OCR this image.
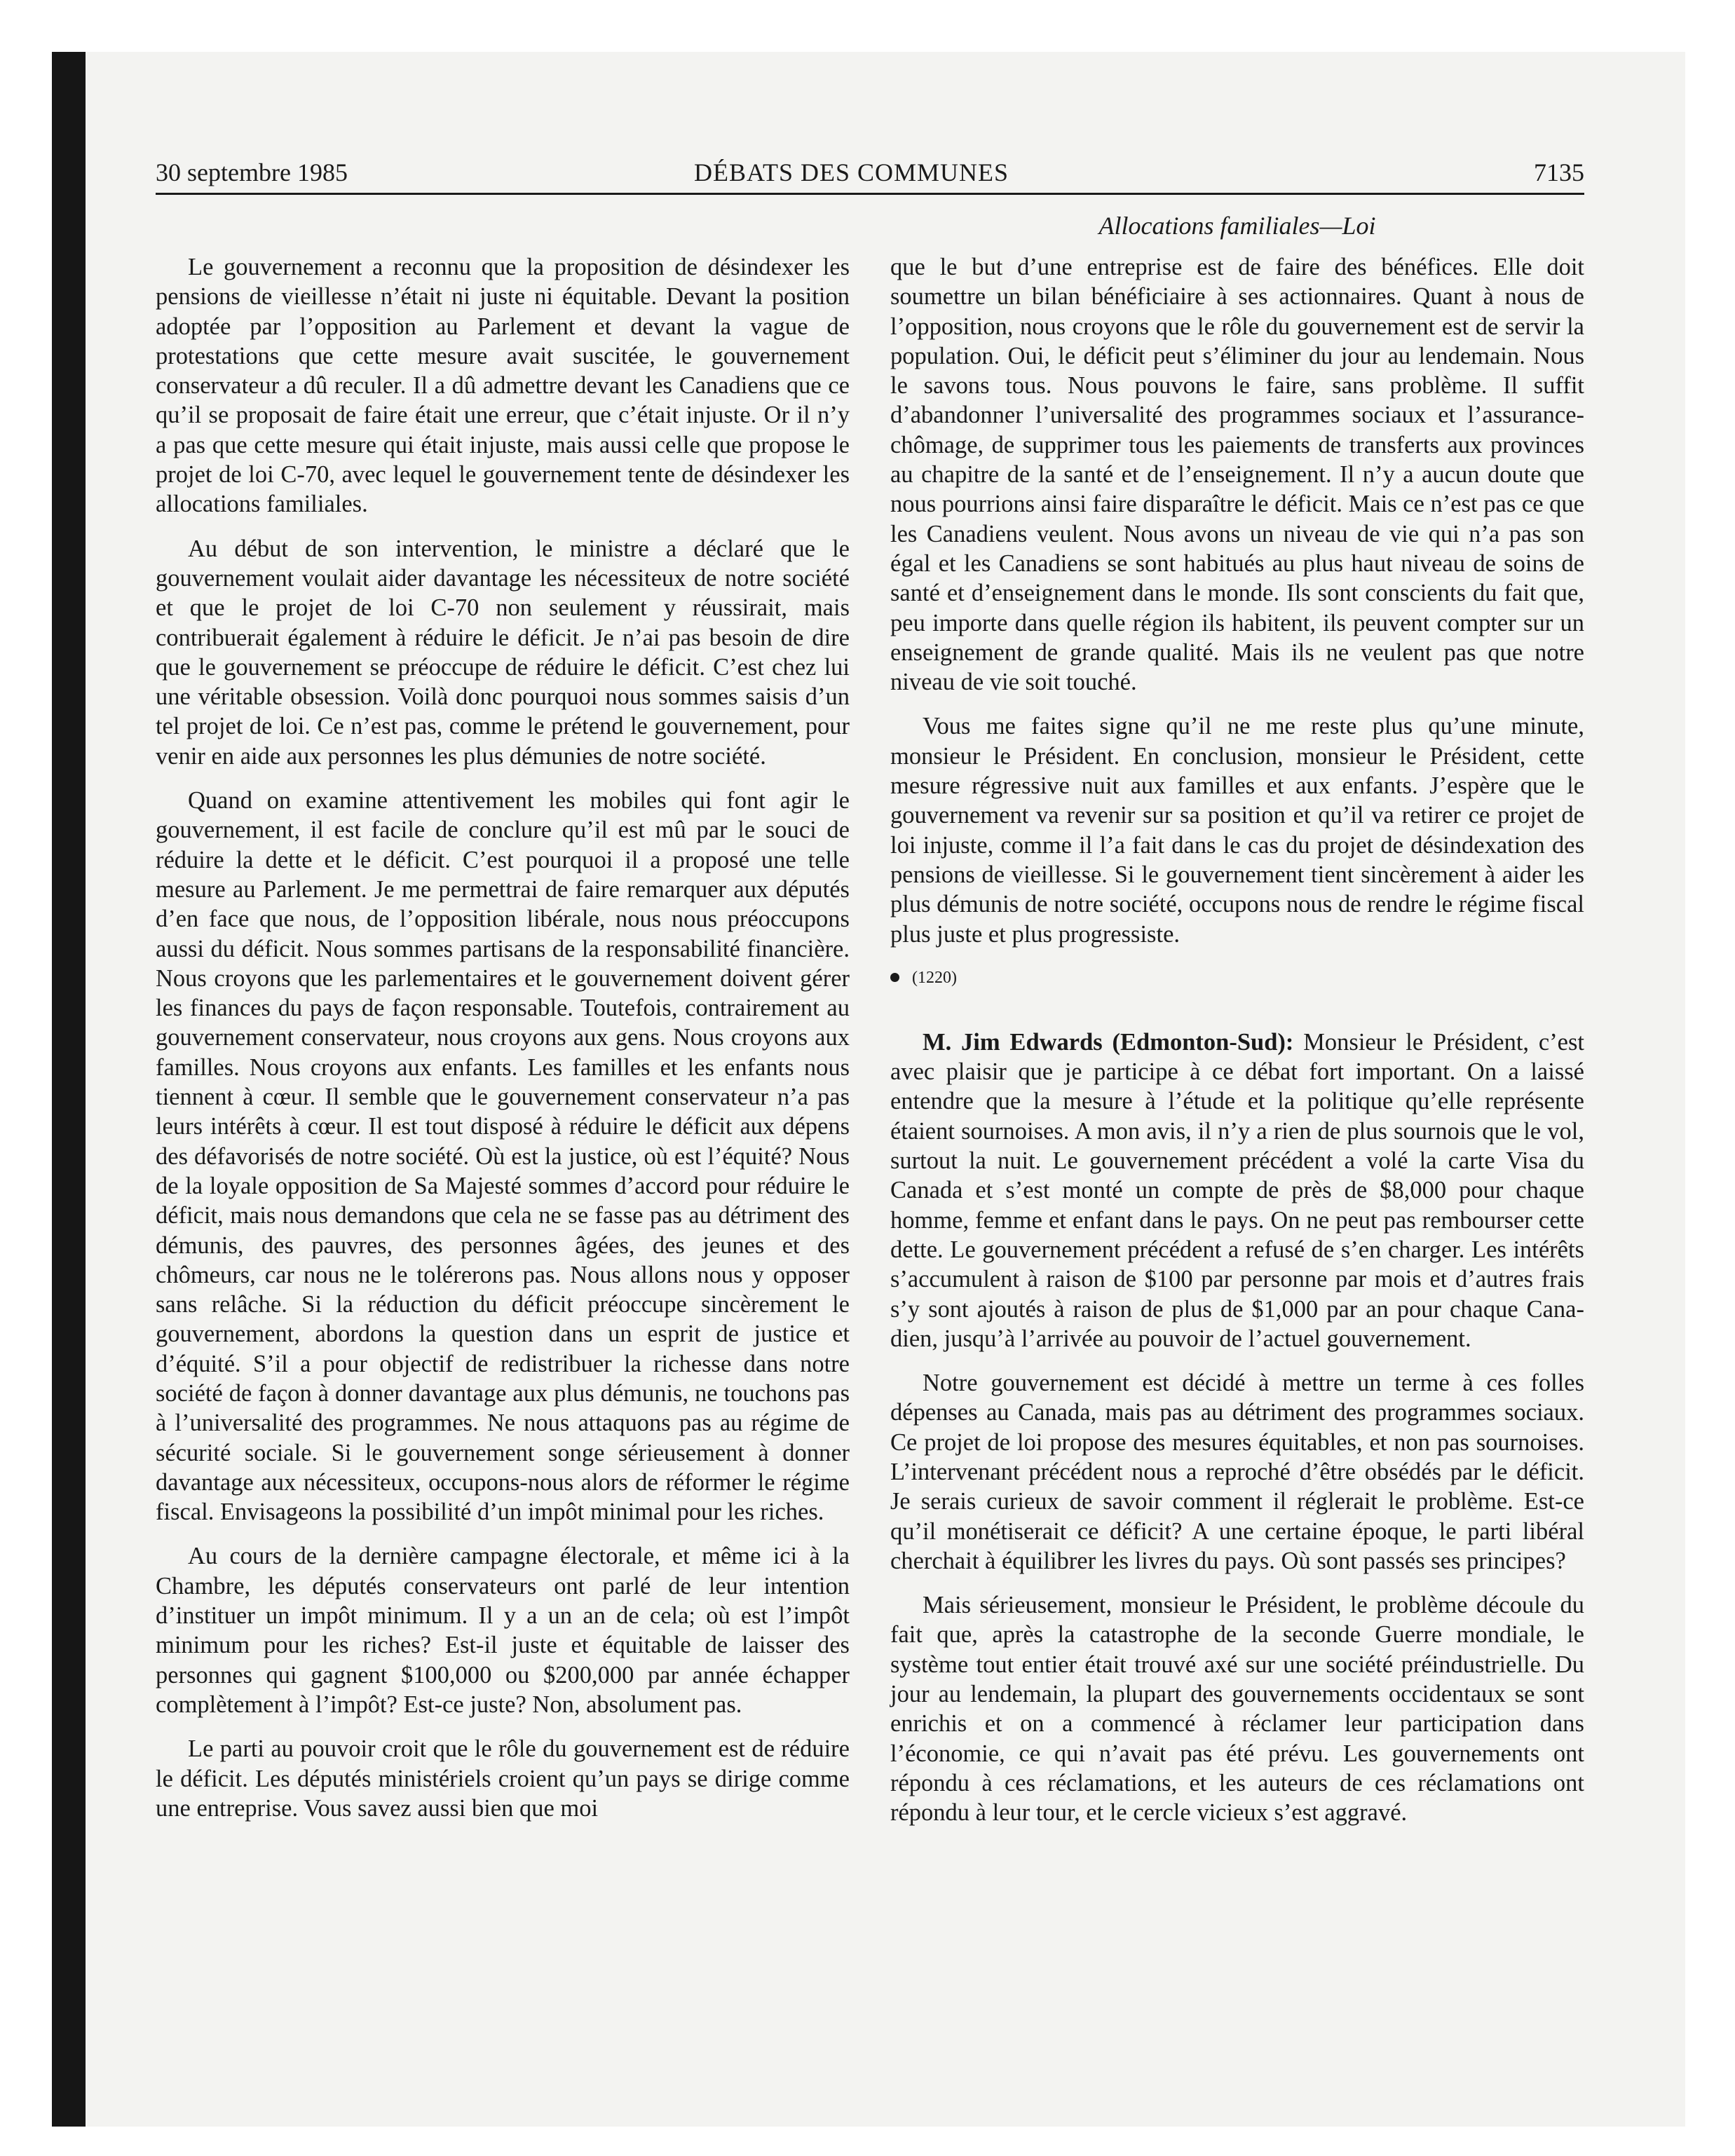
30 septembre 1985	DÉBATS DES COMMUNES	7135
Allocations familiales—Loi

Le gouvernement a reconnu que la proposition de désindexer les pensions de vieillesse n’était ni juste ni équitable. Devant la position adoptée par l’opposition au Parlement et devant la vague de protestations que cette mesure avait suscitée, le gouvernement conservateur a dû reculer. Il a dû admettre devant les Canadiens que ce qu’il se proposait de faire était une erreur, que c’était injuste. Or il n’y a pas que cette mesure qui était injuste, mais aussi celle que propose le projet de loi C-70, avec lequel le gouvernement tente de désindexer les allocations familiales.

Au début de son intervention, le ministre a déclaré que le gouvernement voulait aider davantage les nécessiteux de notre société et que le projet de loi C-70 non seulement y réussirait, mais contribuerait également à réduire le déficit. Je n’ai pas besoin de dire que le gouvernement se préoccupe de réduire le déficit. C’est chez lui une véritable obsession. Voilà donc pourquoi nous sommes saisis d’un tel projet de loi. Ce n’est pas, comme le prétend le gouvernement, pour venir en aide aux personnes les plus démunies de notre société.

Quand on examine attentivement les mobiles qui font agir le gouvernement, il est facile de conclure qu’il est mû par le souci de réduire la dette et le déficit. C’est pourquoi il a proposé une telle mesure au Parlement. Je me permettrai de faire remarquer aux députés d’en face que nous, de l’opposition libérale, nous nous préoccupons aussi du déficit. Nous sommes partisans de la responsabilité financière. Nous croyons que les parlementaires et le gouvernement doivent gérer les finances du pays de façon responsable. Toutefois, contrairement au gouvernement conservateur, nous croyons aux gens. Nous croyons aux familles. Nous croyons aux enfants. Les familles et les enfants nous tiennent à cœur. Il semble que le gouvernement conservateur n’a pas leurs intérêts à cœur. Il est tout disposé à réduire le déficit aux dépens des défavorisés de notre société. Où est la justice, où est l’équité? Nous de la loyale opposition de Sa Majesté sommes d’accord pour réduire le déficit, mais nous demandons que cela ne se fasse pas au détriment des démunis, des pauvres, des personnes âgées, des jeunes et des chômeurs, car nous ne le tolérerons pas. Nous allons nous y opposer sans relâche. Si la réduction du déficit préoccupe sincèrement le gouvernement, abordons la question dans un esprit de justice et d’équité. S’il a pour objectif de redistribuer la richesse dans notre société de façon à donner davantage aux plus démunis, ne touchons pas à l’universalité des programmes. Ne nous attaquons pas au régime de sécurité sociale. Si le gouvernement songe sérieusement à donner davantage aux nécessiteux, occupons-nous alors de réformer le régime fiscal. Envisageons la possibilité d’un impôt minimal pour les riches.

Au cours de la dernière campagne électorale, et même ici à la Chambre, les députés conservateurs ont parlé de leur intention d’instituer un impôt minimum. Il y a un an de cela; où est l’impôt minimum pour les riches? Est-il juste et équitable de laisser des personnes qui gagnent $100,000 ou $200,000 par année échapper complètement à l’impôt? Est-ce juste? Non, absolument pas.

Le parti au pouvoir croit que le rôle du gouvernement est de réduire le déficit. Les députés ministériels croient qu’un pays se dirige comme une entreprise. Vous savez aussi bien que moi

que le but d’une entreprise est de faire des bénéfices. Elle doit soumettre un bilan bénéficiaire à ses actionnaires. Quant à nous de l’opposition, nous croyons que le rôle du gouvernement est de servir la population. Oui, le déficit peut s’éliminer du jour au lendemain. Nous le savons tous. Nous pouvons le faire, sans problème. Il suffit d’abandonner l’universalité des programmes sociaux et l’assurance-chômage, de supprimer tous les paiements de transferts aux provinces au chapitre de la santé et de l’enseignement. Il n’y a aucun doute que nous pourrions ainsi faire disparaître le déficit. Mais ce n’est pas ce que les Canadiens veulent. Nous avons un niveau de vie qui n’a pas son égal et les Canadiens se sont habitués au plus haut niveau de soins de santé et d’enseignement dans le monde. Ils sont conscients du fait que, peu importe dans quelle région ils habitent, ils peuvent compter sur un enseignement de grande qualité. Mais ils ne veulent pas que notre niveau de vie soit touché.

Vous me faites signe qu’il ne me reste plus qu’une minute, monsieur le Président. En conclusion, monsieur le Président, cette mesure régressive nuit aux familles et aux enfants. J’espère que le gouvernement va revenir sur sa position et qu’il va retirer ce projet de loi injuste, comme il l’a fait dans le cas du projet de désindexation des pensions de vieillesse. Si le gouvernement tient sincèrement à aider les plus démunis de notre société, occupons nous de rendre le régime fiscal plus juste et plus progressiste.

(1220)

M. Jim Edwards (Edmonton-Sud): Monsieur le Président, c’est avec plaisir que je participe à ce débat fort important. On a laissé entendre que la mesure à l’étude et la politique qu’elle représente étaient sournoises. A mon avis, il n’y a rien de plus sournois que le vol, surtout la nuit. Le gouvernement précédent a volé la carte Visa du Canada et s’est monté un compte de près de $8,000 pour chaque homme, femme et enfant dans le pays. On ne peut pas rembourser cette dette. Le gouvernement précédent a refusé de s’en charger. Les intérêts s’accumulent à raison de $100 par personne par mois et d’autres frais s’y sont ajoutés à raison de plus de $1,000 par an pour chaque Canadien, jusqu’à l’arrivée au pouvoir de l’actuel gouvernement.

Notre gouvernement est décidé à mettre un terme à ces folles dépenses au Canada, mais pas au détriment des programmes sociaux. Ce projet de loi propose des mesures équitables, et non pas sournoises. L’intervenant précédent nous a reproché d’être obsédés par le déficit. Je serais curieux de savoir comment il réglerait le problème. Est-ce qu’il monétiserait ce déficit? A une certaine époque, le parti libéral cherchait à équilibrer les livres du pays. Où sont passés ses principes?

Mais sérieusement, monsieur le Président, le problème découle du fait que, après la catastrophe de la seconde Guerre mondiale, le système tout entier était trouvé axé sur une société préindustrielle. Du jour au lendemain, la plupart des gouvernements occidentaux se sont enrichis et on a commencé à réclamer leur participation dans l’économie, ce qui n’avait pas été prévu. Les gouvernements ont répondu à ces réclamations, et les auteurs de ces réclamations ont répondu à leur tour, et le cercle vicieux s’est aggravé.
